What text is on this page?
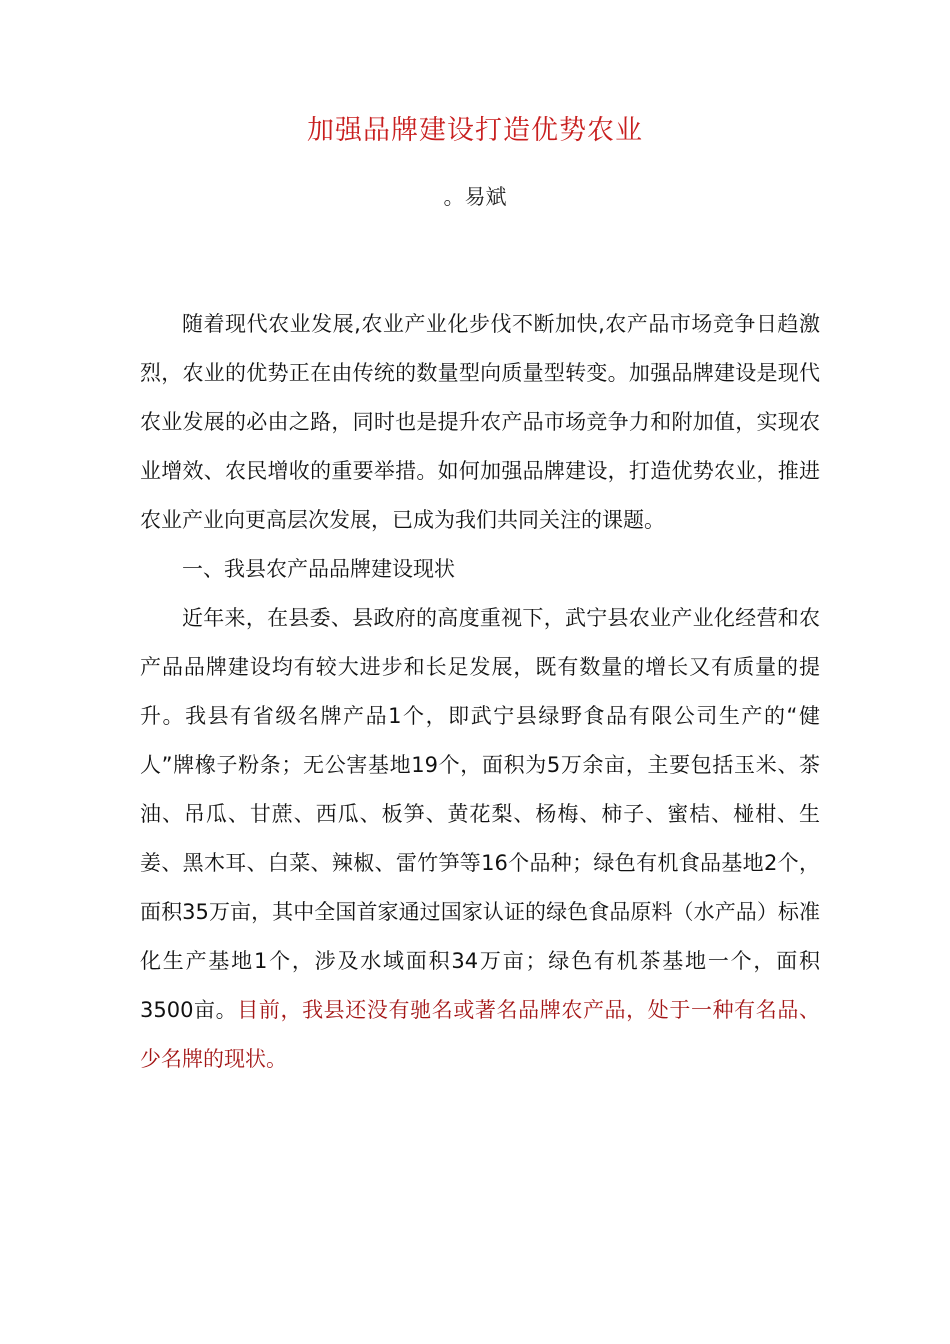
加强品牌建设打造优势农业
。易斌

随着现代农业发展,农业产业化步伐不断加快,农产品市场竞争日趋激烈，农业的优势正在由传统的数量型向质量型转变。加强品牌建设是现代农业发展的必由之路，同时也是提升农产品市场竞争力和附加值，实现农业增效、农民增收的重要举措。如何加强品牌建设，打造优势农业，推进农业产业向更高层次发展，已成为我们共同关注的课题。

一、我县农产品品牌建设现状

近年来，在县委、县政府的高度重视下，武宁县农业产业化经营和农产品品牌建设均有较大进步和长足发展，既有数量的增长又有质量的提升。我县有省级名牌产品1个，即武宁县绿野食品有限公司生产的“健人”牌橡子粉条；无公害基地19个，面积为5万余亩，主要包括玉米、茶油、吊瓜、甘蔗、西瓜、板笋、黄花梨、杨梅、柿子、蜜桔、椪柑、生姜、黑木耳、白菜、辣椒、雷竹笋等16个品种；绿色有机食品基地2个，面积35万亩，其中全国首家通过国家认证的绿色食品原料（水产品）标准化生产基地1个，涉及水域面积34万亩；绿色有机茶基地一个，面积3500亩。目前，我县还没有驰名或著名品牌农产品，处于一种有名品、少名牌的现状。
